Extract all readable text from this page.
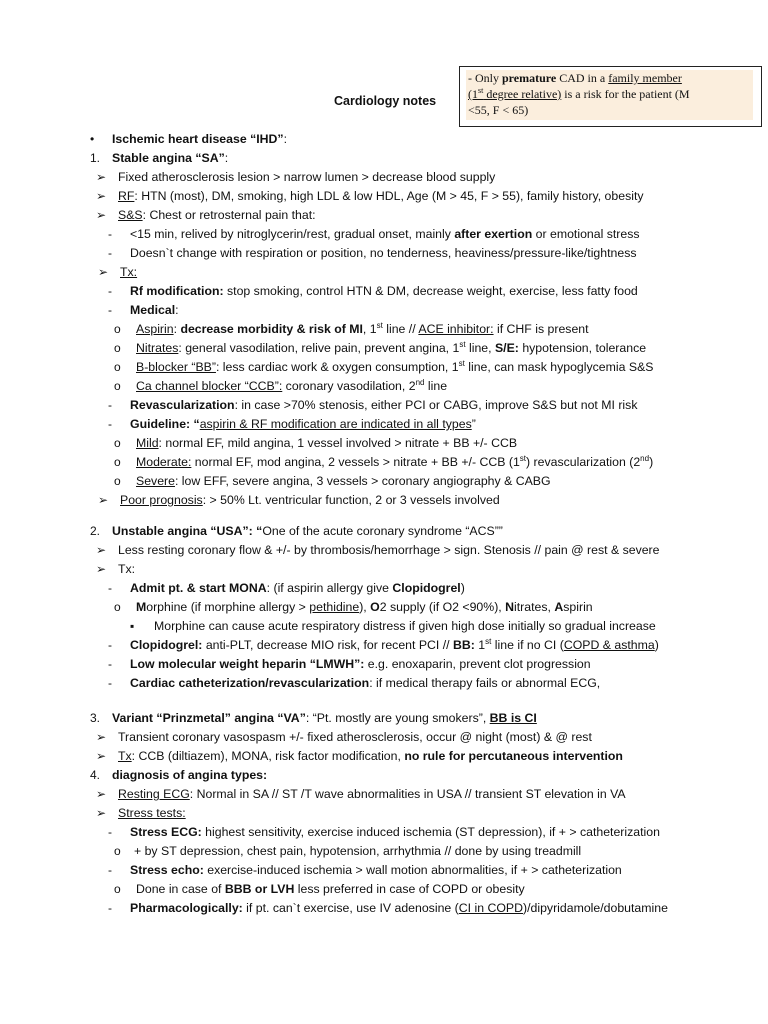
Cardiology notes
- Only premature CAD in a family member
(1st degree relative) is a risk for the patient (M
<55, F < 65)
• Ischemic heart disease “IHD”:
1. Stable angina “SA”:
➢ Fixed atherosclerosis lesion > narrow lumen > decrease blood supply
➢ RF: HTN (most), DM, smoking, high LDL & low HDL, Age (M > 45, F > 55), family history, obesity
➢ S&S: Chest or retrosternal pain that:
- <15 min, relived by nitroglycerin/rest, gradual onset, mainly after exertion or emotional stress
- Doesn`t change with respiration or position, no tenderness, heaviness/pressure-like/tightness
➢ Tx:
- Rf modification: stop smoking, control HTN & DM, decrease weight, exercise, less fatty food
- Medical:
o Aspirin: decrease morbidity & risk of MI, 1st line // ACE inhibitor: if CHF is present
o Nitrates: general vasodilation, relive pain, prevent angina, 1st line, S/E: hypotension, tolerance
o B-blocker “BB”: less cardiac work & oxygen consumption, 1st line, can mask hypoglycemia S&S
o Ca channel blocker “CCB”: coronary vasodilation, 2nd line
- Revascularization: in case >70% stenosis, either PCI or CABG, improve S&S but not MI risk
- Guideline: “aspirin & RF modification are indicated in all types”
o Mild: normal EF, mild angina, 1 vessel involved > nitrate + BB +/- CCB
o Moderate: normal EF, mod angina, 2 vessels > nitrate + BB +/- CCB (1st) revascularization (2nd)
o Severe: low EFF, severe angina, 3 vessels > coronary angiography & CABG
➢ Poor prognosis: > 50% Lt. ventricular function, 2 or 3 vessels involved
2. Unstable angina “USA”: “One of the acute coronary syndrome “ACS””
➢ Less resting coronary flow & +/- by thrombosis/hemorrhage > sign. Stenosis // pain @ rest & severe
➢ Tx:
- Admit pt. & start MONA: (if aspirin allergy give Clopidogrel)
o Morphine (if morphine allergy > pethidine), O2 supply (if O2 <90%), Nitrates, Aspirin
▪ Morphine can cause acute respiratory distress if given high dose initially so gradual increase
- Clopidogrel: anti-PLT, decrease MIO risk, for recent PCI // BB: 1st line if no CI (COPD & asthma)
- Low molecular weight heparin “LMWH”: e.g. enoxaparin, prevent clot progression
- Cardiac catheterization/revascularization: if medical therapy fails or abnormal ECG,
3. Variant “Prinzmetal” angina “VA”: “Pt. mostly are young smokers”, BB is CI
➢ Transient coronary vasospasm +/- fixed atherosclerosis, occur @ night (most) & @ rest
➢ Tx: CCB (diltiazem), MONA, risk factor modification, no rule for percutaneous intervention
4. diagnosis of angina types:
➢ Resting ECG: Normal in SA // ST /T wave abnormalities in USA // transient ST elevation in VA
➢ Stress tests:
- Stress ECG: highest sensitivity, exercise induced ischemia (ST depression), if + > catheterization
o + by ST depression, chest pain, hypotension, arrhythmia // done by using treadmill
- Stress echo: exercise-induced ischemia > wall motion abnormalities, if + > catheterization
o Done in case of BBB or LVH less preferred in case of COPD or obesity
- Pharmacologically: if pt. can`t exercise, use IV adenosine (CI in COPD)/dipyridamole/dobutamine
